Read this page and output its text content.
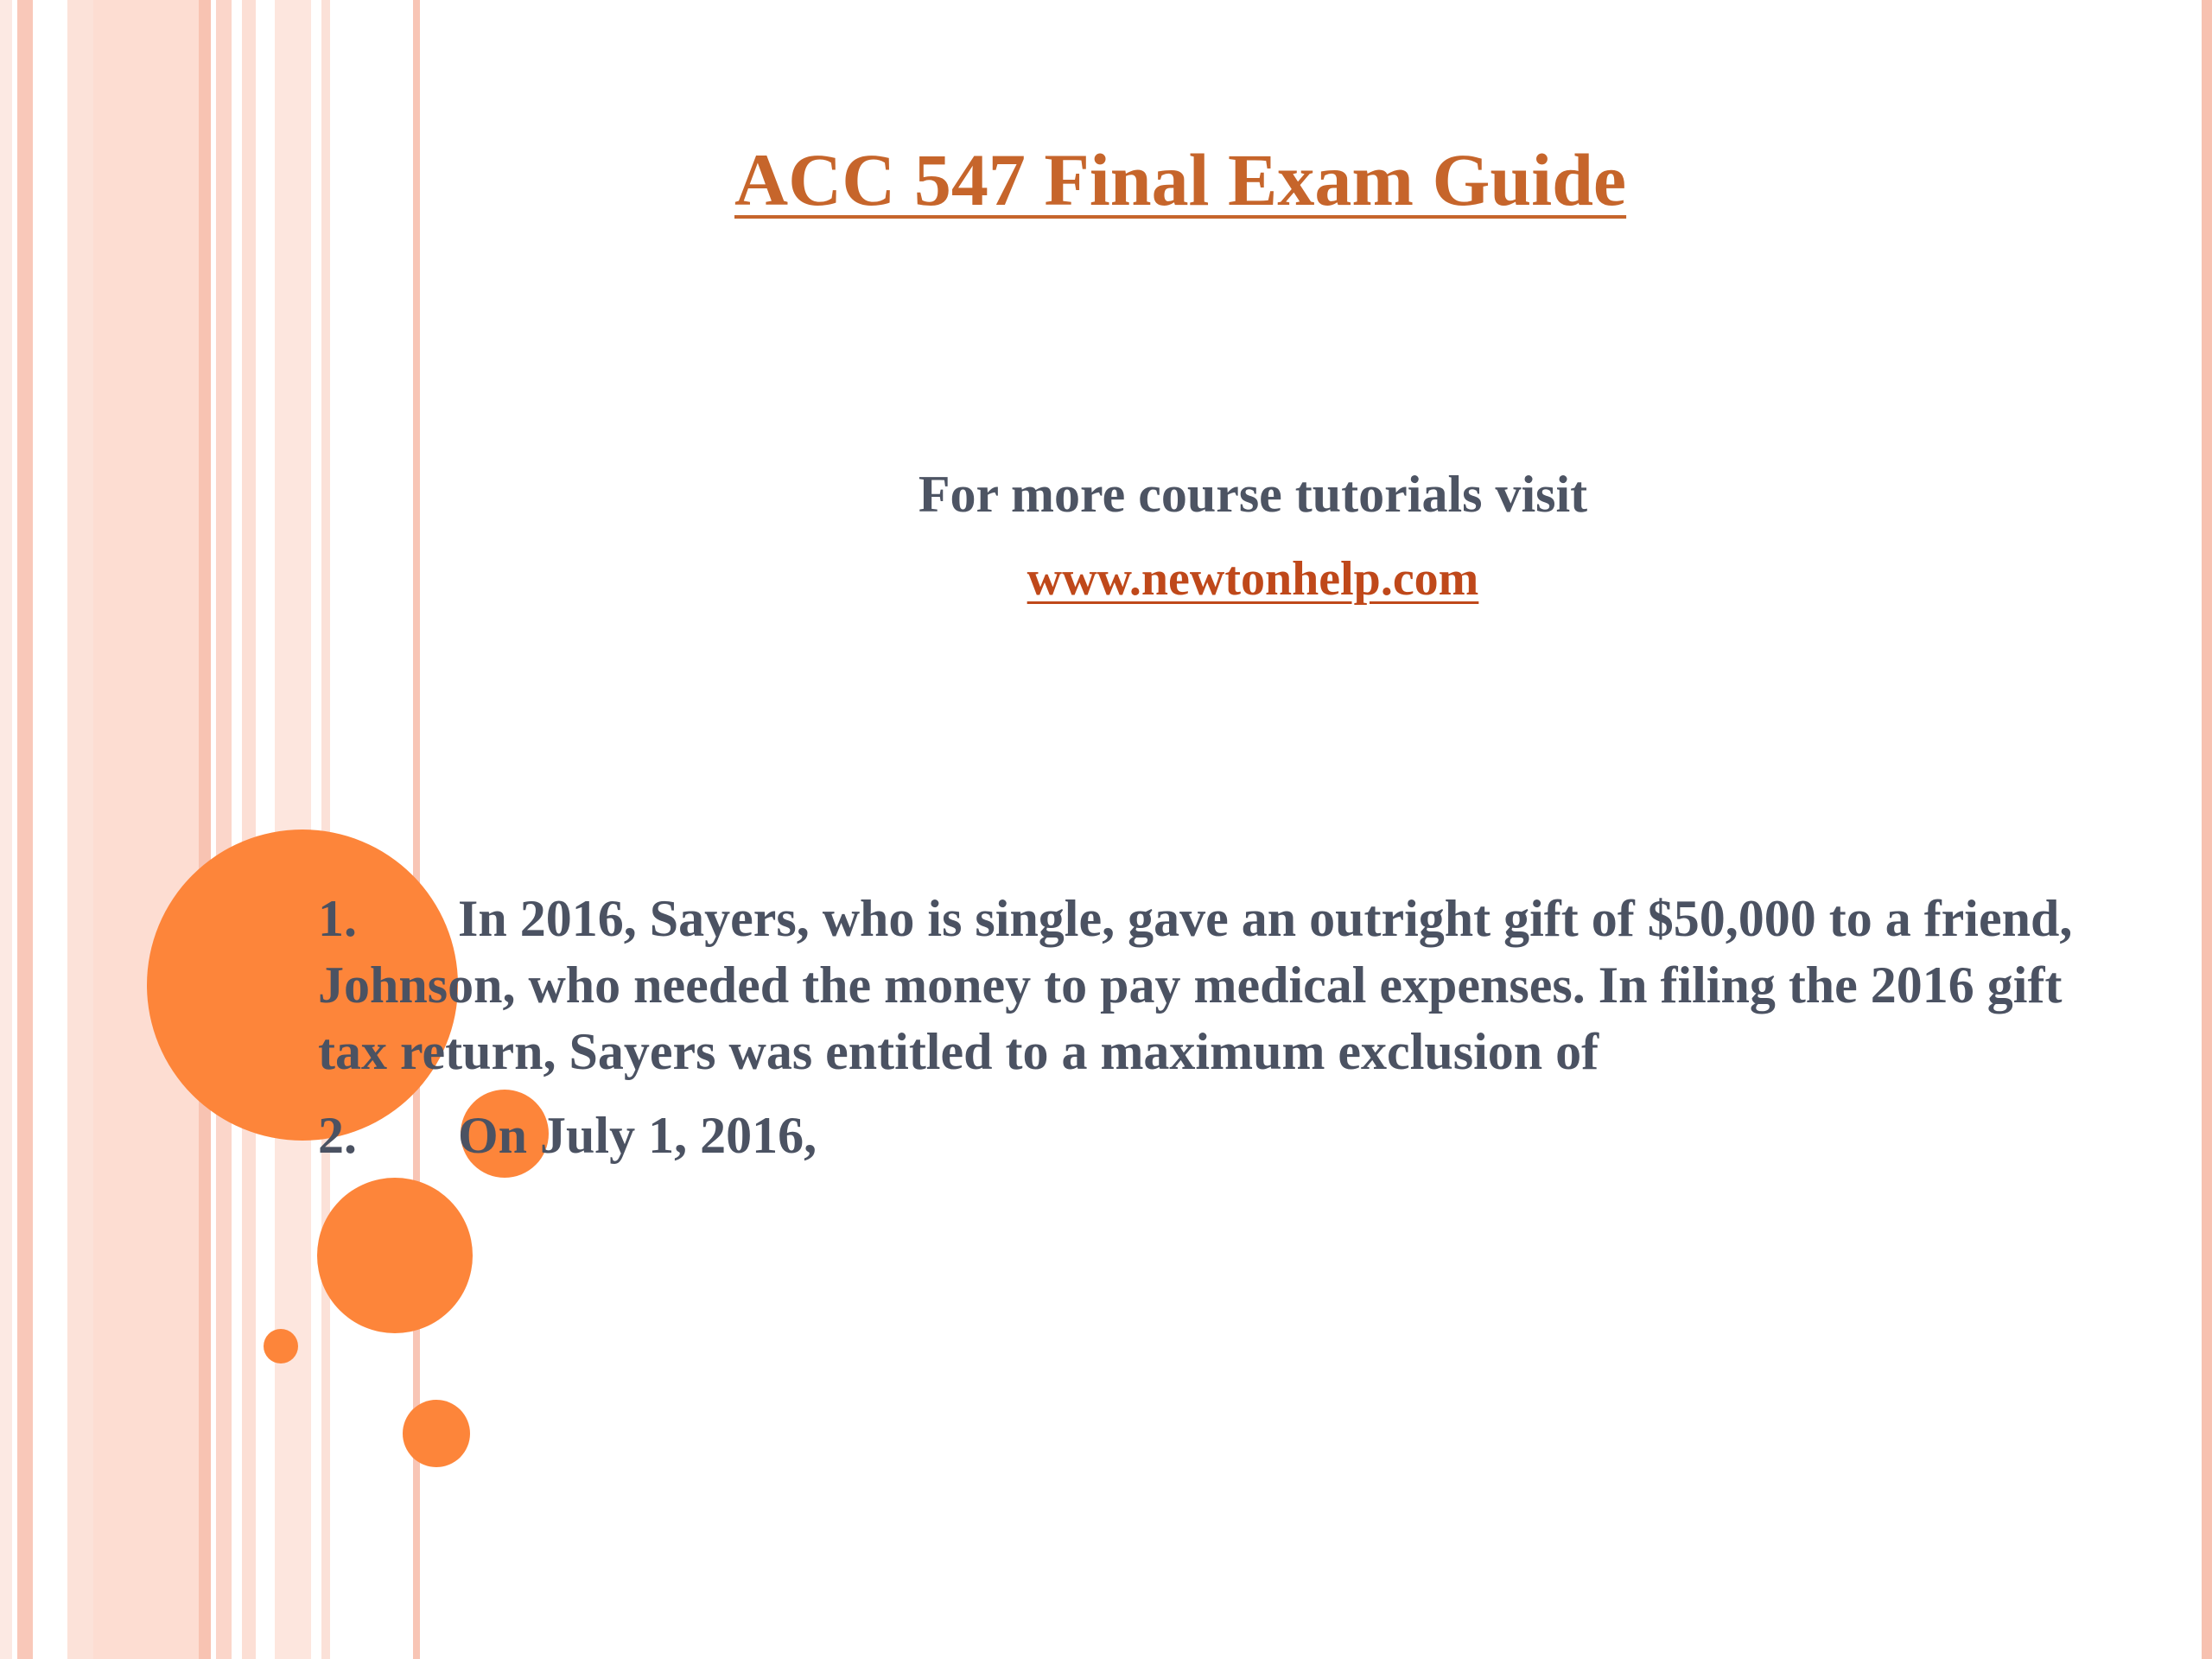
ACC 547 Final Exam Guide
For more course tutorials visit
www.newtonhelp.com

1. In 2016, Sayers, who is single, gave an outright gift of $50,000 to a friend, Johnson, who needed the money to pay medical expenses. In filing the 2016 gift tax return, Sayers was entitled to a maximum exclusion of

2. On July 1, 2016,
